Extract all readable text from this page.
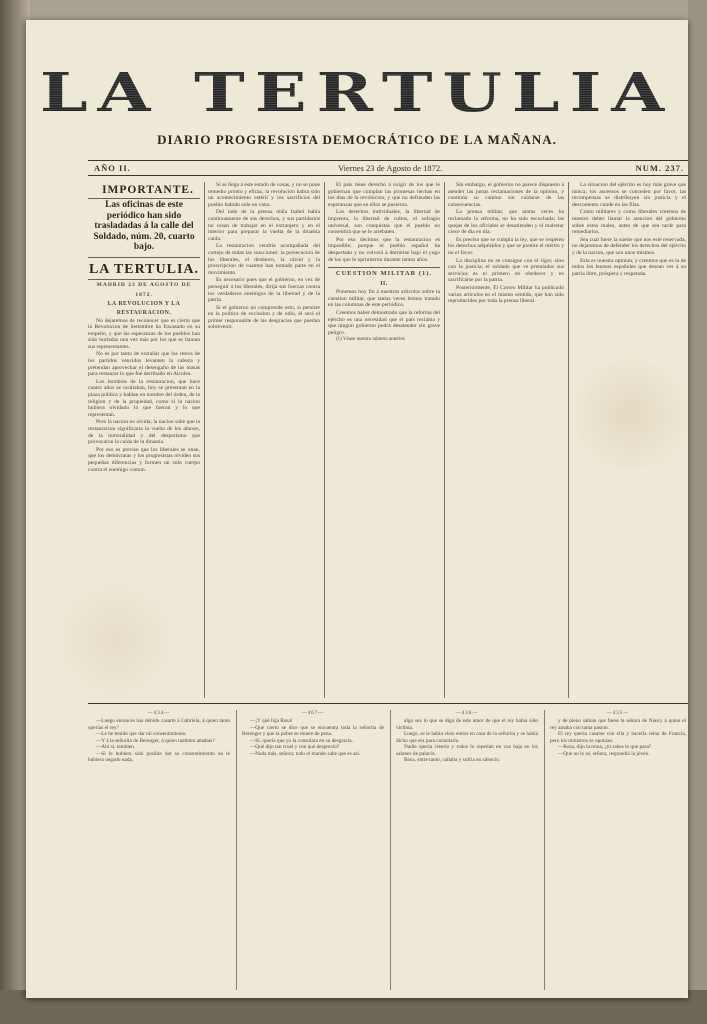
LA TERTULIA
DIARIO PROGRESISTA DEMOCRÁTICO DE LA MAÑANA.
AÑO II.	Viernes 23 de Agosto de 1872.	NUM. 237.

IMPORTANTE.

Las oficinas de este periódico han sido trasladadas á la calle del Soldado, núm. 20, cuarto bajo.
LA TERTULIA.
MADRID 23 DE AGOSTO DE 1872.
LA REVOLUCION Y LA RESTAURACION.

No dejaremos de reconocer que es cierto que la Revolucion de Setiembre ha fracasado en su empeño, y que las esperanzas de los pueblos han sido burladas una vez más por los que se llaman sus representantes.

No es por tanto de extrañar que los restos de los partidos vencidos levanten la cabeza y pretendan aprovechar el desengaño de las masas para restaurar lo que fué derribado en Alcolea.

Los hombres de la restauracion, que hace cuatro años se ocultaban, hoy se presentan en la plaza pública y hablan en nombre del órden, de la religion y de la propiedad, como si la nacion hubiera olvidado lo que fueron y lo que representan.

Pero la nacion no olvida; la nacion sabe que la restauracion significaría la vuelta de los abusos, de la inmoralidad y del despotismo que provocaron la caida de la dinastía.

Por eso es preciso que los liberales se unan, que los demócratas y los progresistas olviden sus pequeñas diferencias y formen un solo cuerpo contra el enemigo comun.

Si se llega á este estado de cosas, y no se pone remedio pronto y eficaz, la revolucion habrá sido un acontecimiento estéril y los sacrificios del pueblo habrán sido en vano.

Del lado de la prensa doña Isabel habla continuamente de sus derechos, y sus partidarios no cesan de trabajar en el extranjero y en el interior para preparar la vuelta de la dinastía caida.

La restauracion vendría acompañada del cortejo de todas las reacciones: la persecucion de los liberales, el destierro, la cárcel y la proscripcion de cuantos han tomado parte en el movimiento.

Es necesario pues que el gobierno, en vez de perseguir á los liberales, dirija sus fuerzas contra los verdaderos enemigos de la libertad y de la patria.

Si el gobierno no comprende esto, si persiste en la política de exclusion y de odio, él será el primer responsable de las desgracias que puedan sobrevenir.

El país tiene derecho á exigir de los que le gobiernan que cumplan las promesas hechas en los dias de la revolucion, y que no defrauden las esperanzas que en ellos se pusieron.

Los derechos individuales, la libertad de imprenta, la libertad de cultos, el sufragio universal, son conquistas que el pueblo no consentirá que se le arrebaten.

Por eso decimos que la restauracion es imposible; porque el pueblo español ha despertado y no volverá á dormirse bajo el yugo de los que le oprimieron durante tantos años.

CUESTION MILITAR (1).
II.

Ponemos hoy fin á nuestros articulos sobre la cuestion militar, que tantas veces hemos tratado en las columnas de este periódico.

Creemos haber demostrado que la reforma del ejército es una necesidad que el país reclama y que ningun gobierno podrá desatender sin grave peligro.

(1) Véase nuestro número anterior.

Sin embargo, el gobierno no parece dispuesto á atender las justas reclamaciones de la opinion, y continúa su camino sin cuidarse de las consecuencias.

La prensa militar, que tantas veces ha reclamado la reforma, no ha sido escuchada; las quejas de los oficiales se desatienden y el malestar crece de dia en dia.

Es preciso que se cumpla la ley, que se respeten los derechos adquiridos y que se premie el mérito y no el favor.

La disciplina no se consigue con el rigor, sino con la justicia; el soldado que ve premiados sus servicios es el primero en obedecer y en sacrificarse por la patria.

Posteriormente, El Correo Militar ha publicado varios artículos en el mismo sentido, que han sido reproducidos por toda la prensa liberal.

La situacion del ejército es hoy más grave que nunca; los ascensos se conceden por favor, las recompensas se distribuyen sin justicia y el descontento cunde en las filas.

Como militares y como liberales creemos de nuestro deber llamar la atencion del gobierno sobre estos males, antes de que sea tarde para remediarlos.

Sea cual fuere la suerte que nos esté reservada, no dejaremos de defender los derechos del ejército y de la nacion, que son unos mismos.

Esta es nuestra opinion, y creemos que es la de todos los buenos españoles que desean ver á su patria libre, próspera y respetada.

—434—

—Luego entonces has debido casarte á Gabriela, á quien tanto querias el rey?

—Le he tenido que dar mi consentimiento.

—Y á la señorita de Berenger, á quien tambien amabas?

—Ahí si, tambien.

—Si le hubiera sido posible dar su consentimiento no le hubiera negado nada.

—467—

—¡Y qué hija Rosa!

—Que cierto se dice que se encuentra toda la señorita de Berenger y que la pobre se muere de pena.

—Sí, queria que yo la consolara en su desgracia.

—Qué dijo tan cruel y con qué desprecio?

—Nada más, señora; todo el mundo sabe que es así.

—436—

algo sea lo que se diga de este amor de que el rey habia sido víctima.

Luego, se le habia visto entrar en casa de la señorita y se habia dicho que era para consolarla.

Nadie queria creerlo y todos lo repetian en voz baja en los salones de palacio.

Rosa, entre tanto, callaba y sufria en silencio.

—435—

y de pleno sabian que fuese la señora de Nancy á quien el rey amaba con tanta pasion.

El rey queria casarse con ella y hacerla reina de Francia, pero los ministros se oponian.

—Rosa, dijo la reina, ¿tú sabes lo que pasa?

—Que no lo sé, señora, respondió la jóven.
